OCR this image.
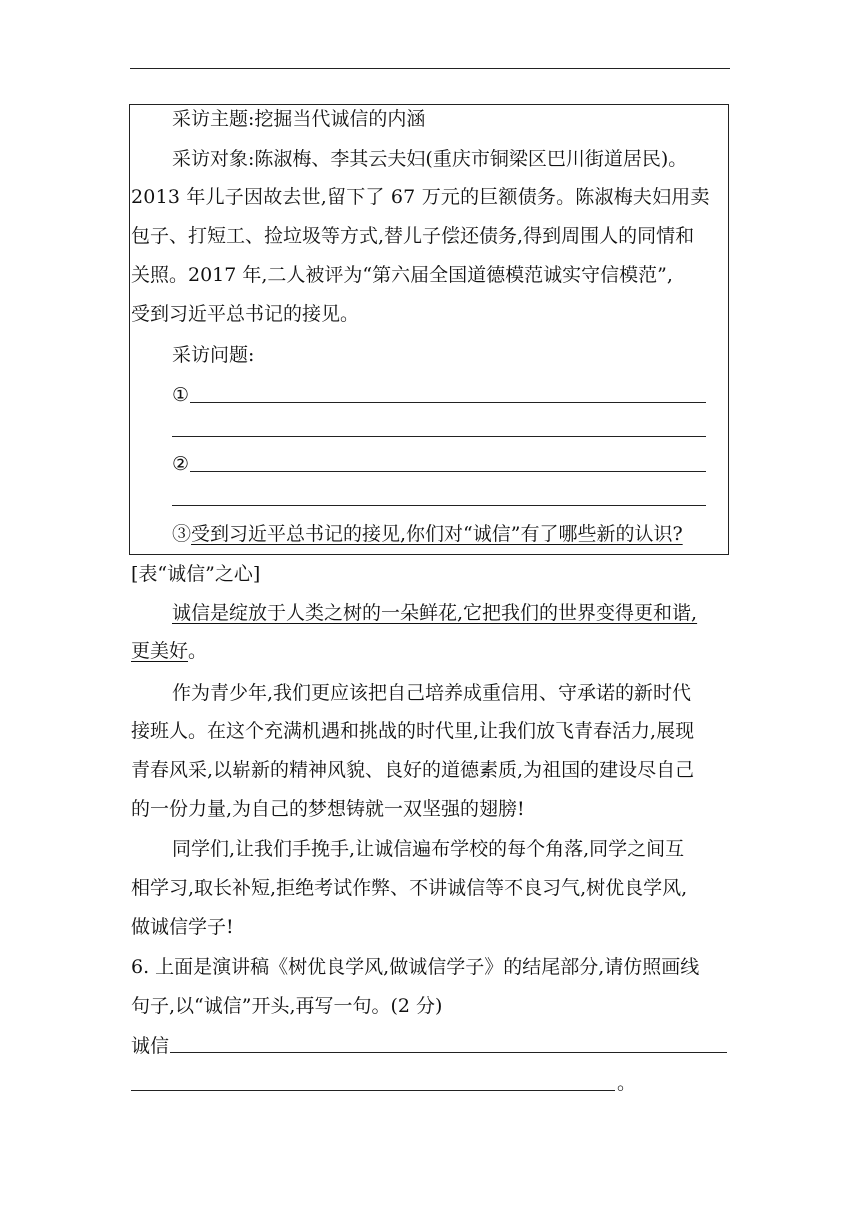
采访主题:挖掘当代诚信的内涵
采访对象:陈淑梅、李其云夫妇(重庆市铜梁区巴川街道居民)。
2013 年儿子因故去世,留下了 67 万元的巨额债务。陈淑梅夫妇用卖
包子、打短工、捡垃圾等方式,替儿子偿还债务,得到周围人的同情和
关照。2017 年,二人被评为“第六届全国道德模范诚实守信模范”,
受到习近平总书记的接见。
采访问题:
①
②
③受到习近平总书记的接见,你们对“诚信”有了哪些新的认识?
[表“诚信”之心]
诚信是绽放于人类之树的一朵鲜花,它把我们的世界变得更和谐,
更美好。
作为青少年,我们更应该把自己培养成重信用、守承诺的新时代
接班人。在这个充满机遇和挑战的时代里,让我们放飞青春活力,展现
青春风采,以崭新的精神风貌、良好的道德素质,为祖国的建设尽自己
的一份力量,为自己的梦想铸就一双坚强的翅膀!
同学们,让我们手挽手,让诚信遍布学校的每个角落,同学之间互
相学习,取长补短,拒绝考试作弊、不讲诚信等不良习气,树优良学风,
做诚信学子!
6. 上面是演讲稿《树优良学风,做诚信学子》的结尾部分,请仿照画线
句子,以“诚信”开头,再写一句。(2 分)
诚信
。
